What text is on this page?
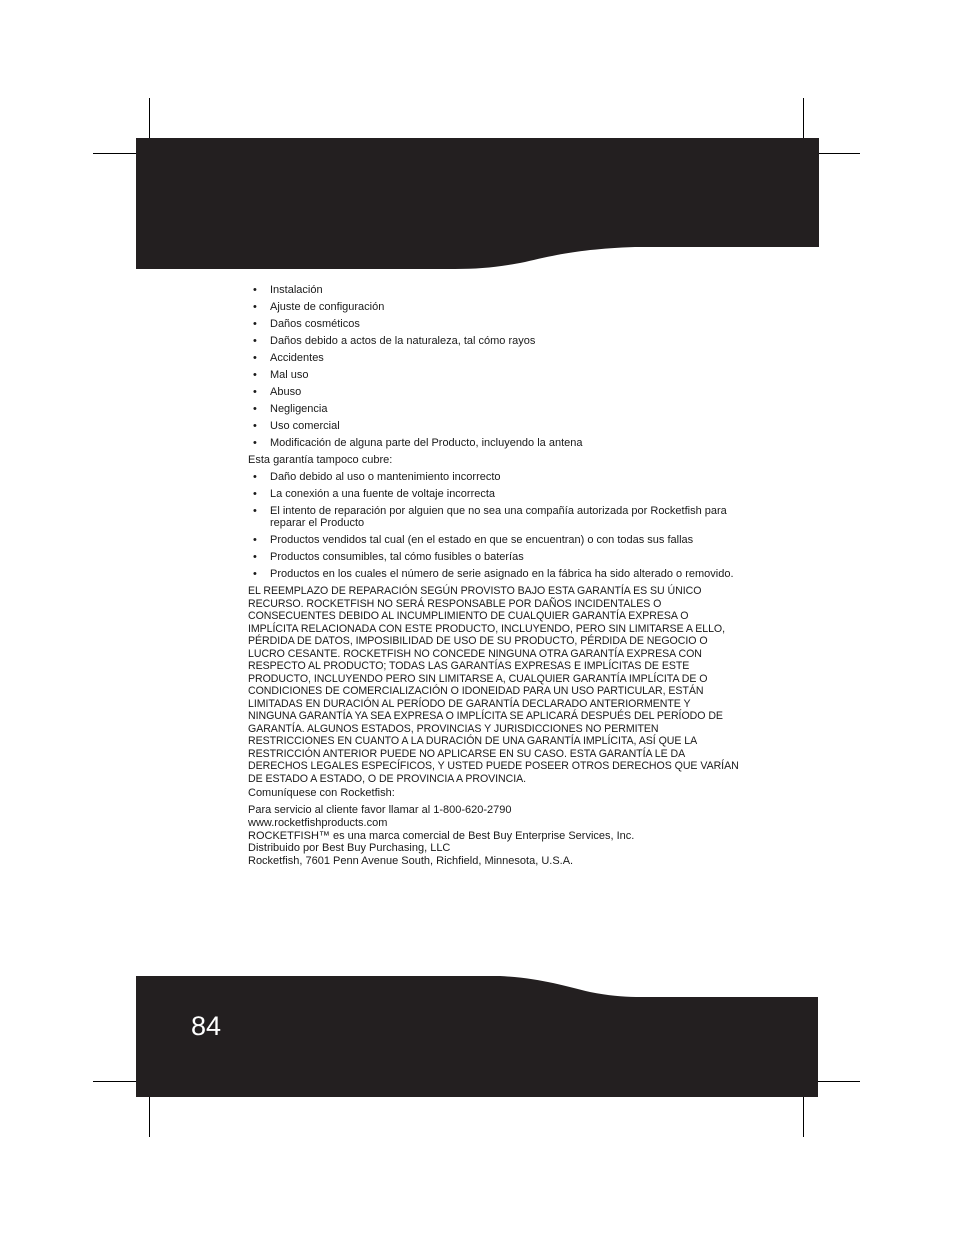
• Instalación
• Ajuste de configuración
• Daños cosméticos
• Daños debido a actos de la naturaleza, tal cómo rayos
• Accidentes
• Mal uso
• Abuso
• Negligencia
• Uso comercial
• Modificación de alguna parte del Producto, incluyendo la antena

Esta garantía tampoco cubre:

• Daño debido al uso o mantenimiento incorrecto
• La conexión a una fuente de voltaje incorrecta
• El intento de reparación por alguien que no sea una compañía autorizada por Rocketfish para reparar el Producto
• Productos vendidos tal cual (en el estado en que se encuentran) o con todas sus fallas
• Productos consumibles, tal cómo fusibles o baterías
• Productos en los cuales el número de serie asignado en la fábrica ha sido alterado o removido.

EL REEMPLAZO DE REPARACIÓN SEGÚN PROVISTO BAJO ESTA GARANTÍA ES SU ÚNICO RECURSO. ROCKETFISH NO SERÁ RESPONSABLE POR DAÑOS INCIDENTALES O CONSECUENTES DEBIDO AL INCUMPLIMIENTO DE CUALQUIER GARANTÍA EXPRESA O IMPLÍCITA RELACIONADA CON ESTE PRODUCTO, INCLUYENDO, PERO SIN LIMITARSE A ELLO, PÉRDIDA DE DATOS, IMPOSIBILIDAD DE USO DE SU PRODUCTO, PÉRDIDA DE NEGOCIO O LUCRO CESANTE. ROCKETFISH NO CONCEDE NINGUNA OTRA GARANTÍA EXPRESA CON RESPECTO AL PRODUCTO; TODAS LAS GARANTÍAS EXPRESAS E IMPLÍCITAS DE ESTE PRODUCTO, INCLUYENDO PERO SIN LIMITARSE A, CUALQUIER GARANTÍA IMPLÍCITA DE O CONDICIONES DE COMERCIALIZACIÓN O IDONEIDAD PARA UN USO PARTICULAR, ESTÁN LIMITADAS EN DURACIÓN AL PERÍODO DE GARANTÍA DECLARADO ANTERIORMENTE Y NINGUNA GARANTÍA YA SEA EXPRESA O IMPLÍCITA SE APLICARÁ DESPUÉS DEL PERÍODO DE GARANTÍA. ALGUNOS ESTADOS, PROVINCIAS Y JURISDICCIONES NO PERMITEN RESTRICCIONES EN CUANTO A LA DURACIÓN DE UNA GARANTÍA IMPLÍCITA, ASÍ QUE LA RESTRICCIÓN ANTERIOR PUEDE NO APLICARSE EN SU CASO. ESTA GARANTÍA LE DA DERECHOS LEGALES ESPECÍFICOS, Y USTED PUEDE POSEER OTROS DERECHOS QUE VARÍAN DE ESTADO A ESTADO, O DE PROVINCIA A PROVINCIA.

Comuníquese con Rocketfish:

Para servicio al cliente favor llamar al 1-800-620-2790

www.rocketfishproducts.com

ROCKETFISH™ es una marca comercial de Best Buy Enterprise Services, Inc.

Distribuido por Best Buy Purchasing, LLC

Rocketfish, 7601 Penn Avenue South, Richfield, Minnesota, U.S.A.

84
